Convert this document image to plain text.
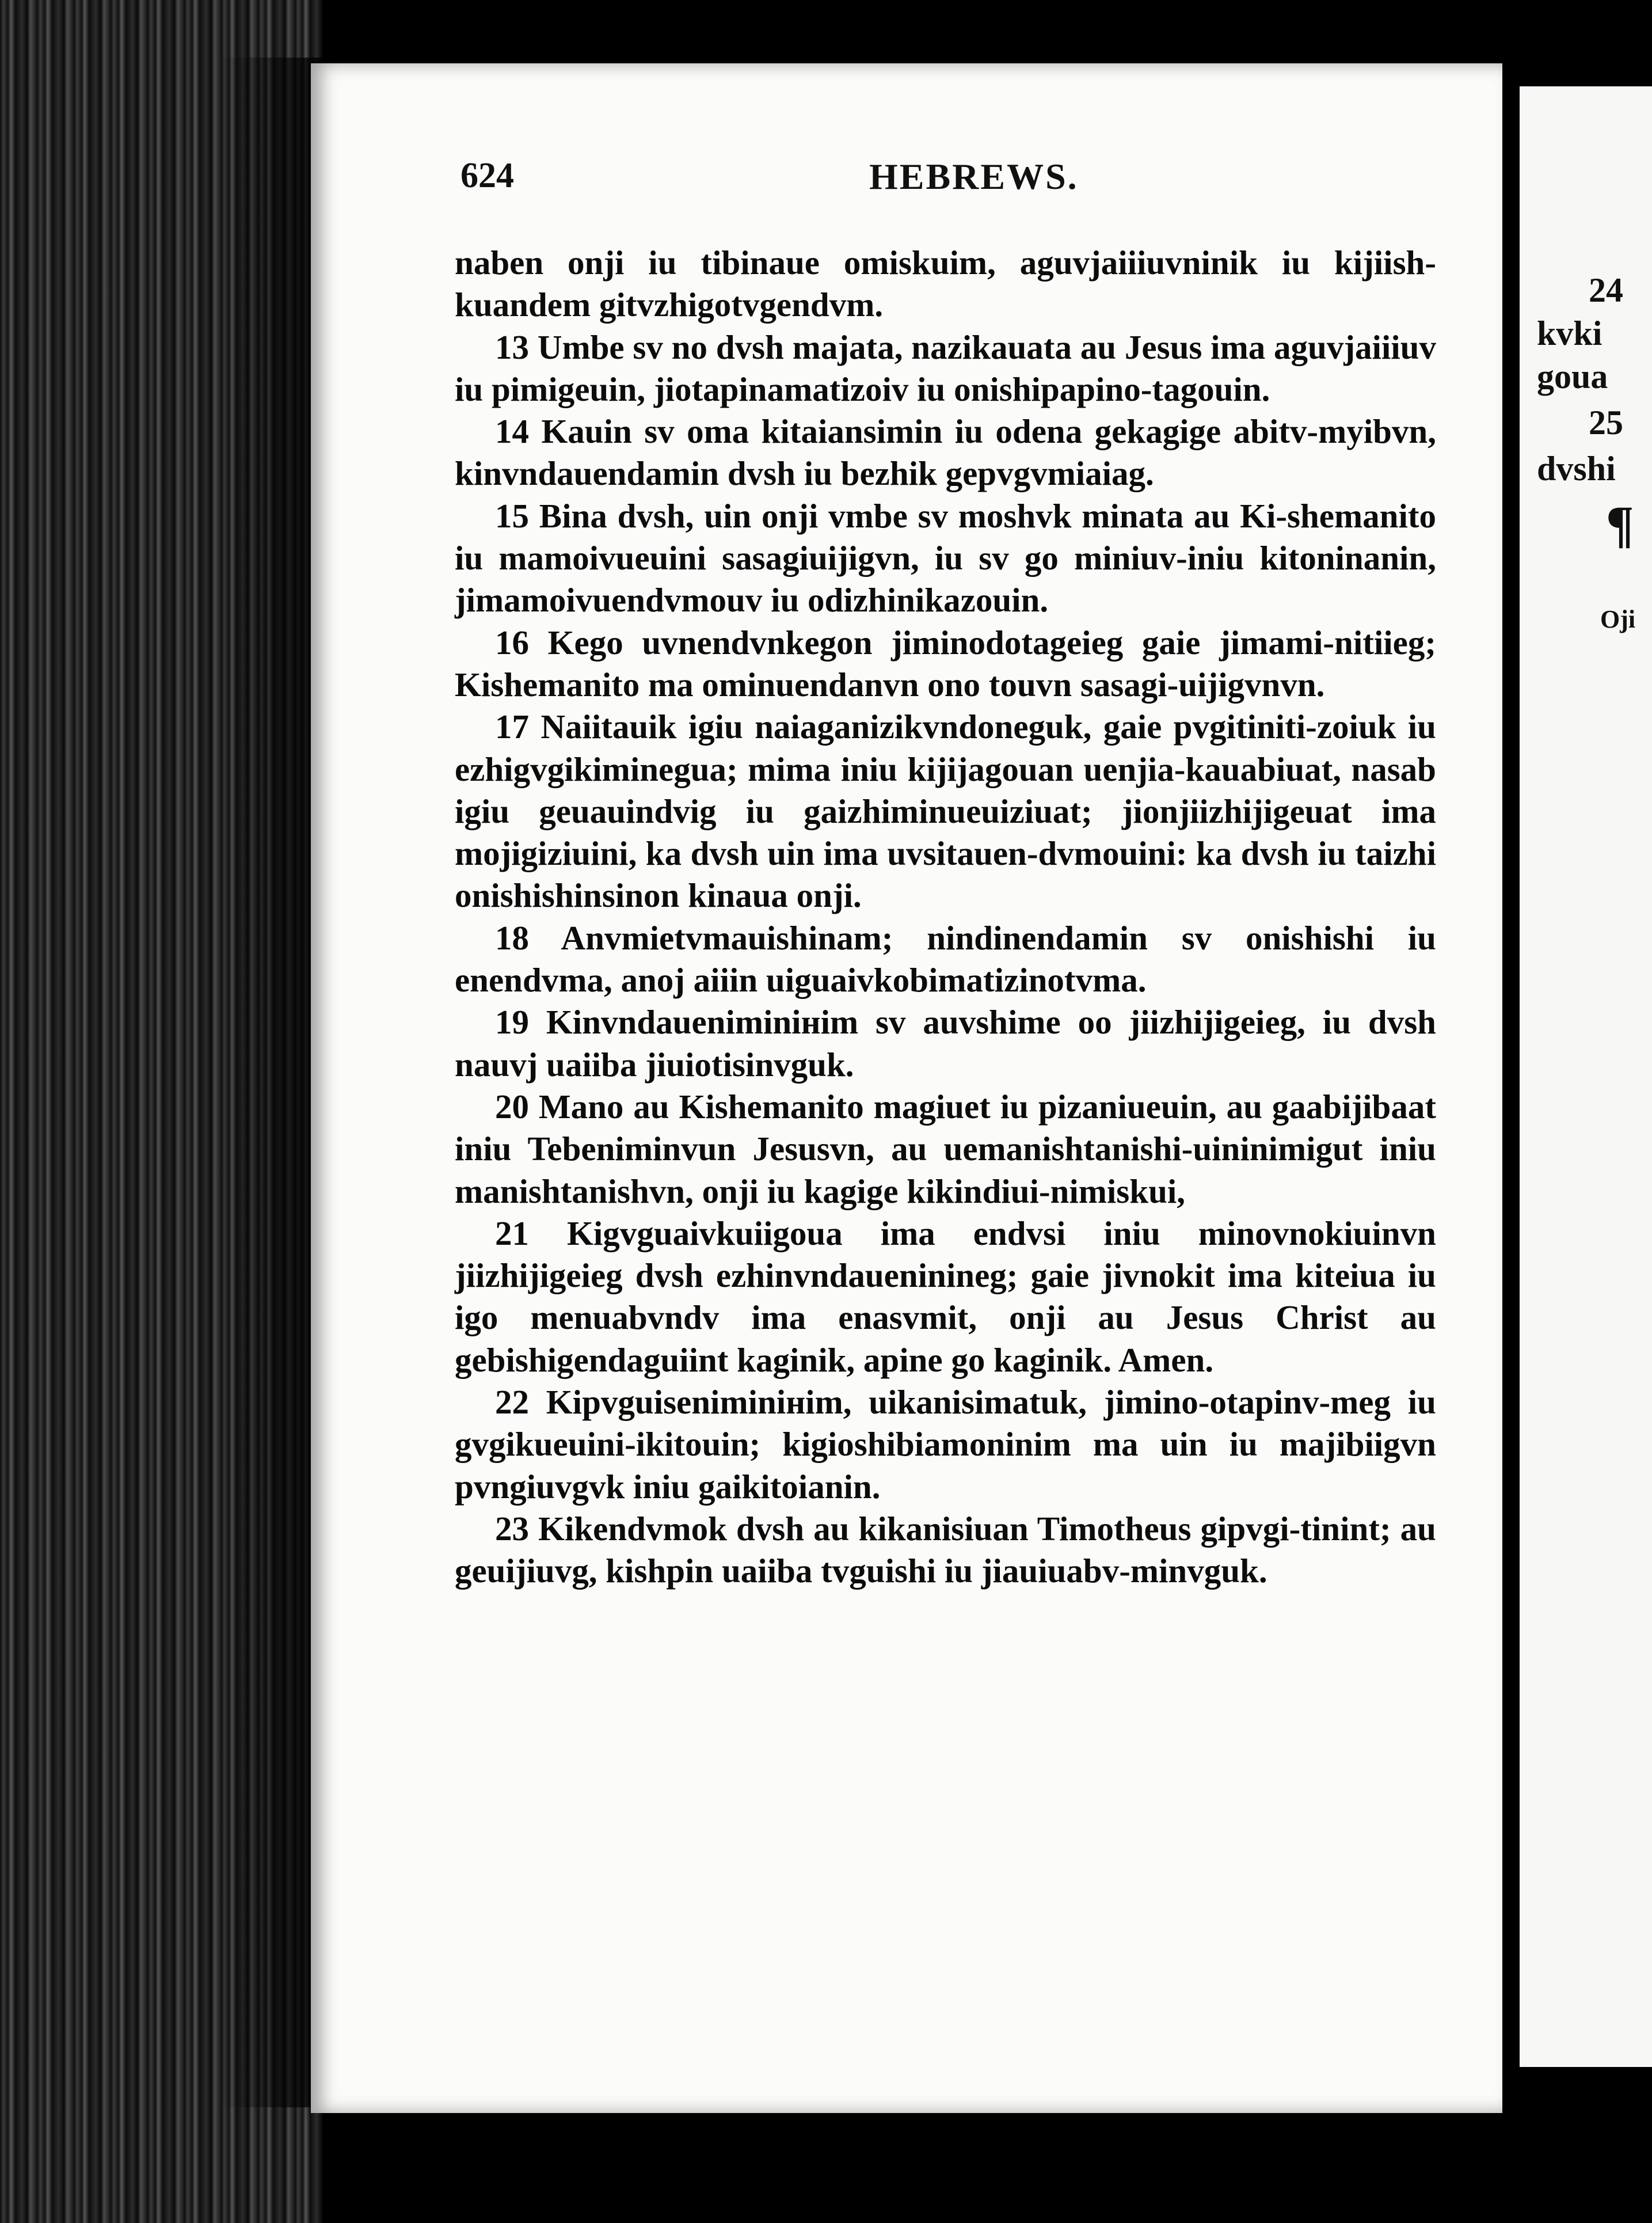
24
kvki
goua
25
dvshi
¶
Oji
624	HEBREWS.

naben onji iu tibinaue omiskuim, aguvjaiiiuvninik iu kijiish-kuandem gitvzhigotvgendvm.

13 Umbe sv no dvsh majata, nazikauata au Jesus ima aguvjaiiiuv iu pimigeuin, jiotapinamatizoiv iu onishipapino-tagouin.

14 Kauin sv oma kitaiansimin iu odena gekagige abitv-myibvn, kinvndauendamin dvsh iu bezhik gepvgvmiaiag.

15 Bina dvsh, uin onji vmbe sv moshvk minata au Ki-shemanito iu mamoivueuini sasagiuijigvn, iu sv go miniuv-iniu kitoninanin, jimamoivuendvmouv iu odizhinikazouin.

16 Kego uvnendvnkegon jiminodotageieg gaie jimami-nitiieg; Kishemanito ma ominuendanvn ono touvn sasagi-uijigvnvn.

17 Naiitauik igiu naiaganizikvndoneguk, gaie pvgitiniti-zoiuk iu ezhigvgikiminegua; mima iniu kijijagouan uenjia-kauabiuat, nasab igiu geuauindvig iu gaizhiminueuiziuat; jionjiizhijigeuat ima mojigiziuini, ka dvsh uin ima uvsitauen-dvmouini: ka dvsh iu taizhi onishishinsinon kinaua onji.

18 Anvmietvmauishinam; nindinendamin sv onishishi iu enendvma, anoj aiiin uiguaivkobimatizinotvma.

19 Kinvndaueniminінim sv auvshime oo jiizhijigeieg, iu dvsh nauvj uaiiba jiuiotisinvguk.

20 Mano au Kishemanito magiuet iu pizaniueuin, au gaabijibaat iniu Tebeniminvun Jesusvn, au uemanishtanishi-uininimigut iniu manishtanishvn, onji iu kagige kikindiui-nimiskui,

21 Kigvguaivkuiigoua ima endvsi iniu minovnokiuinvn jiizhijigeieg dvsh ezhinvndaueninineg; gaie jivnokit ima kiteiua iu igo menuabvndv ima enasvmit, onji au Jesus Christ au gebishigendaguiint kaginik, apine go kaginik. Amen.

22 Kipvguiseniminінim, uikanisimatuk, jimino-otapinv-meg iu gvgikueuini-ikitouin; kigioshibiamoninim ma uin iu majibiigvn pvngiuvgvk iniu gaikitoianin.

23 Kikendvmok dvsh au kikanisiuan Timotheus gipvgi-tinint; au geuijiuvg, kishpin uaiiba tvguishi iu jiauiuabv-minvguk.
